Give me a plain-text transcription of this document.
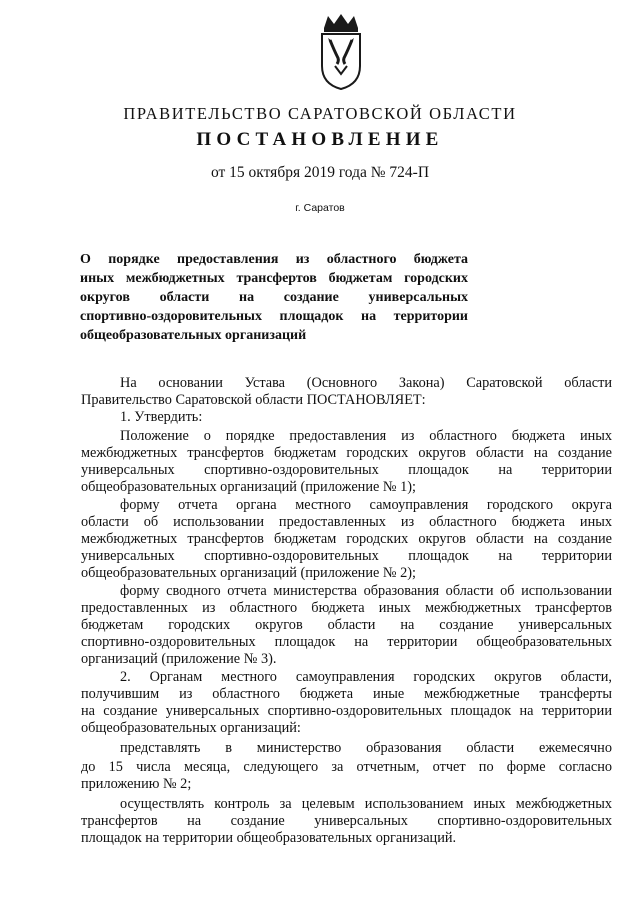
ПРАВИТЕЛЬСТВО САРАТОВСКОЙ ОБЛАСТИ
ПОСТАНОВЛЕНИЕ
от 15 октября 2019 года № 724-П
г. Саратов
О порядке предоставления из областного бюджета
иных межбюджетных трансфертов бюджетам городских
округов области на создание универсальных
спортивно-оздоровительных площадок на территории
общеобразовательных организаций
На основании Устава (Основного Закона) Саратовской области
Правительство Саратовской области ПОСТАНОВЛЯЕТ:
1. Утвердить:
Положение о порядке предоставления из областного бюджета иных
межбюджетных трансфертов бюджетам городских округов области на создание
универсальных спортивно-оздоровительных площадок на территории
общеобразовательных организаций (приложение № 1);
форму отчета органа местного самоуправления городского округа
области об использовании предоставленных из областного бюджета иных
межбюджетных трансфертов бюджетам городских округов области на создание
универсальных спортивно-оздоровительных площадок на территории
общеобразовательных организаций (приложение № 2);
форму сводного отчета министерства образования области об использовании
предоставленных из областного бюджета иных межбюджетных трансфертов
бюджетам городских округов области на создание универсальных
спортивно-оздоровительных площадок на территории общеобразовательных
организаций (приложение № 3).
2. Органам местного самоуправления городских округов области,
получившим из областного бюджета иные межбюджетные трансферты
на создание универсальных спортивно-оздоровительных площадок на территории
общеобразовательных организаций:
представлять в министерство образования области ежемесячно
до 15 числа месяца, следующего за отчетным, отчет по форме согласно
приложению № 2;
осуществлять контроль за целевым использованием иных межбюджетных
трансфертов на создание универсальных спортивно-оздоровительных
площадок на территории общеобразовательных организаций.
